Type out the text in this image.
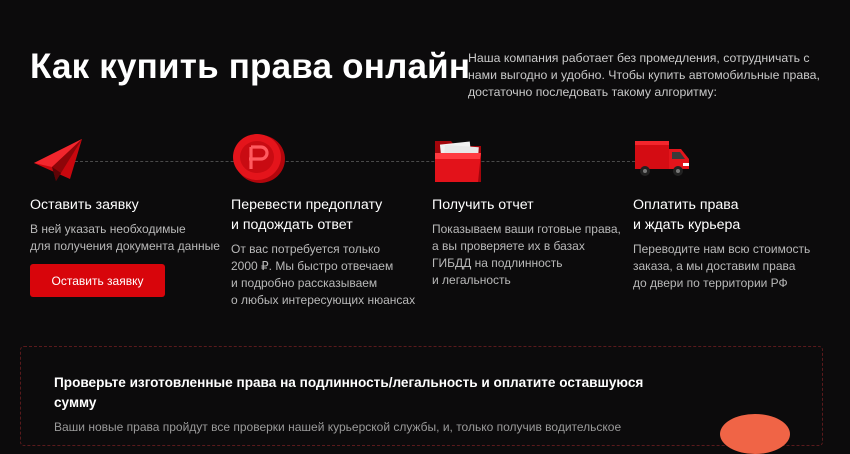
Как купить права онлайн
Наша компания работает без промедления, сотрудничать с нами выгодно и удобно. Чтобы купить автомобильные права, достаточно последовать такому алгоритму:
Оставить заявку

В ней указать необходимые
для получения документа данные

Перевести предоплату
и подождать ответ

От вас потребуется только
2000 ₽. Мы быстро отвечаем
и подробно рассказываем
о любых интересующих нюансах

Получить отчет

Показываем ваши готовые права,
а вы проверяете их в базах
ГИБДД на подлинность
и легальность

Оплатить права
и ждать курьера

Переводите нам всю стоимость
заказа, а мы доставим права
до двери по территории РФ

Оставить заявку
Проверьте изготовленные права на подлинность/легальность и оплатите оставшуюся сумму
Ваши новые права пройдут все проверки нашей курьерской службы, и, только получив водительское
